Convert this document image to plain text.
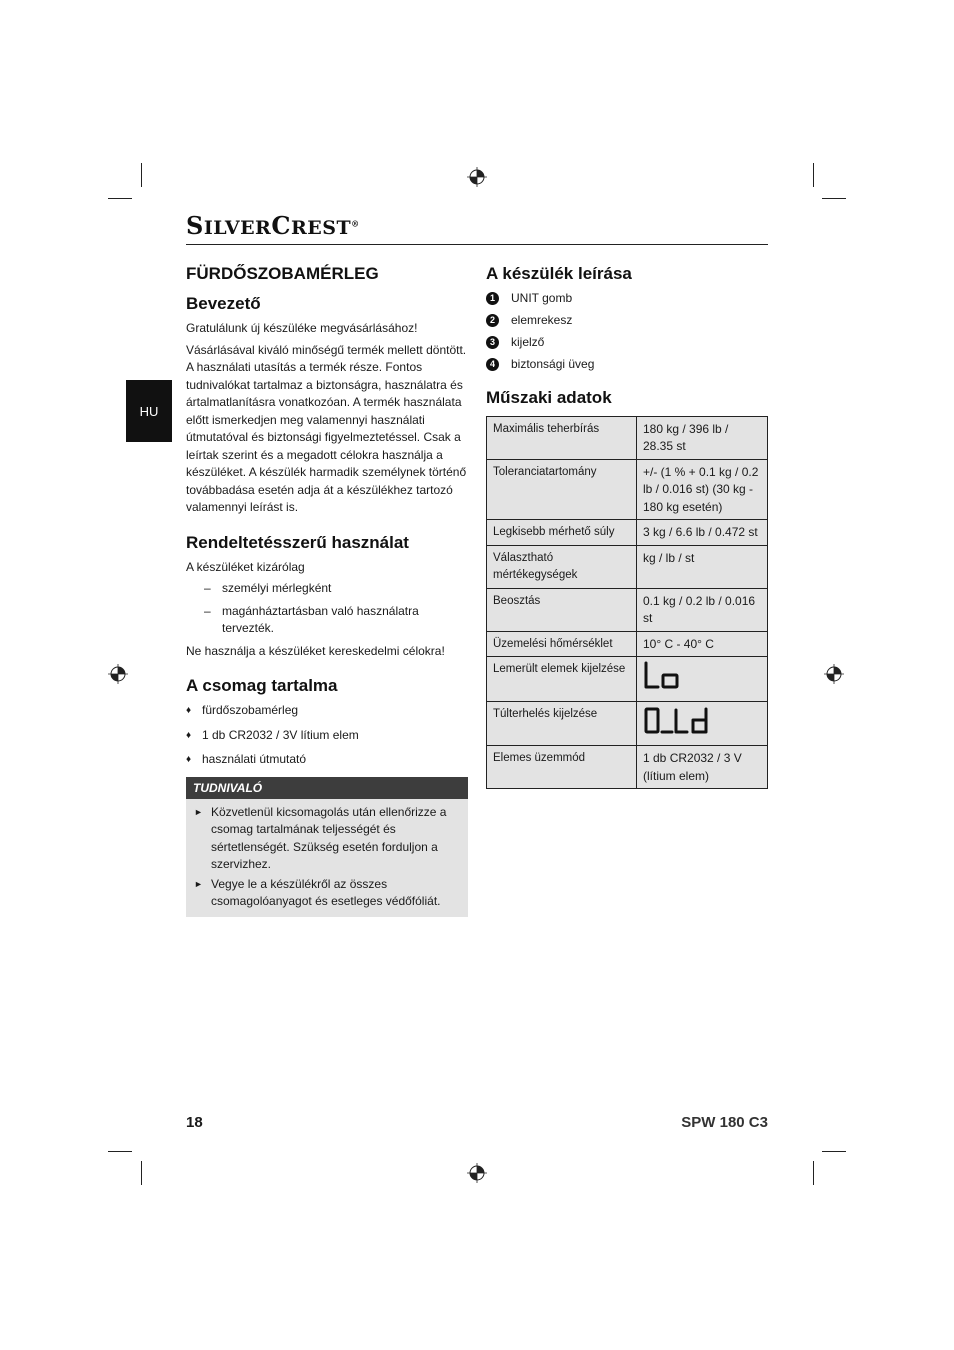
SILVERCREST®
HU
FÜRDŐSZOBAMÉRLEG
Bevezető

Gratulálunk új készüléke megvásárlásához!

Vásárlásával kiváló minőségű termék mellett döntött. A használati utasítás a termék része. Fontos tudnivalókat tartalmaz a biztonságra, használatra és ártalmatlanításra vonatkozóan. A termék használata előtt ismerkedjen meg valamennyi használati útmutatóval és biztonsági figyelmeztetéssel. Csak a leírtak szerint és a megadott célokra használja a készüléket. A készülék harmadik személynek történő továbbadása esetén adja át a készülékhez tartozó valamennyi leírást is.

Rendeltetésszerű használat

A készüléket kizárólag

– személyi mérlegként
– magánháztartásban való használatra tervezték.

Ne használja a készüléket kereskedelmi célokra!

A csomag tartalma
♦ fürdőszobamérleg
♦ 1 db CR2032 / 3V lítium elem
♦ használati útmutató
TUDNIVALÓ
► Közvetlenül kicsomagolás után ellenőrizze a csomag tartalmának teljességét és sértetlenségét. Szükség esetén forduljon a szervizhez.
► Vegye le a készülékről az összes csomagolóanyagot és esetleges védőfóliát.
A készülék leírása
1	UNIT gomb
2	elemrekesz
3	kijelző
4	biztonsági üveg
Műszaki adatok
Maximális teherbírás	180 kg / 396 lb / 28.35 st
Toleranciatartomány	+/- (1 % + 0.1 kg / 0.2 lb / 0.016 st) (30 kg - 180 kg esetén)
Legkisebb mérhető súly	3 kg / 6.6 lb / 0.472 st
Választható mértékegységek	kg / lb / st
Beosztás	0.1 kg / 0.2 lb / 0.016 st
Üzemelési hőmérséklet	10° C - 40° C
Lemerült elemek kijelzése	
Túlterhelés kijelzése	
Elemes üzemmód	1 db CR2032 / 3 V (lítium elem)
18	SPW 180 C3
